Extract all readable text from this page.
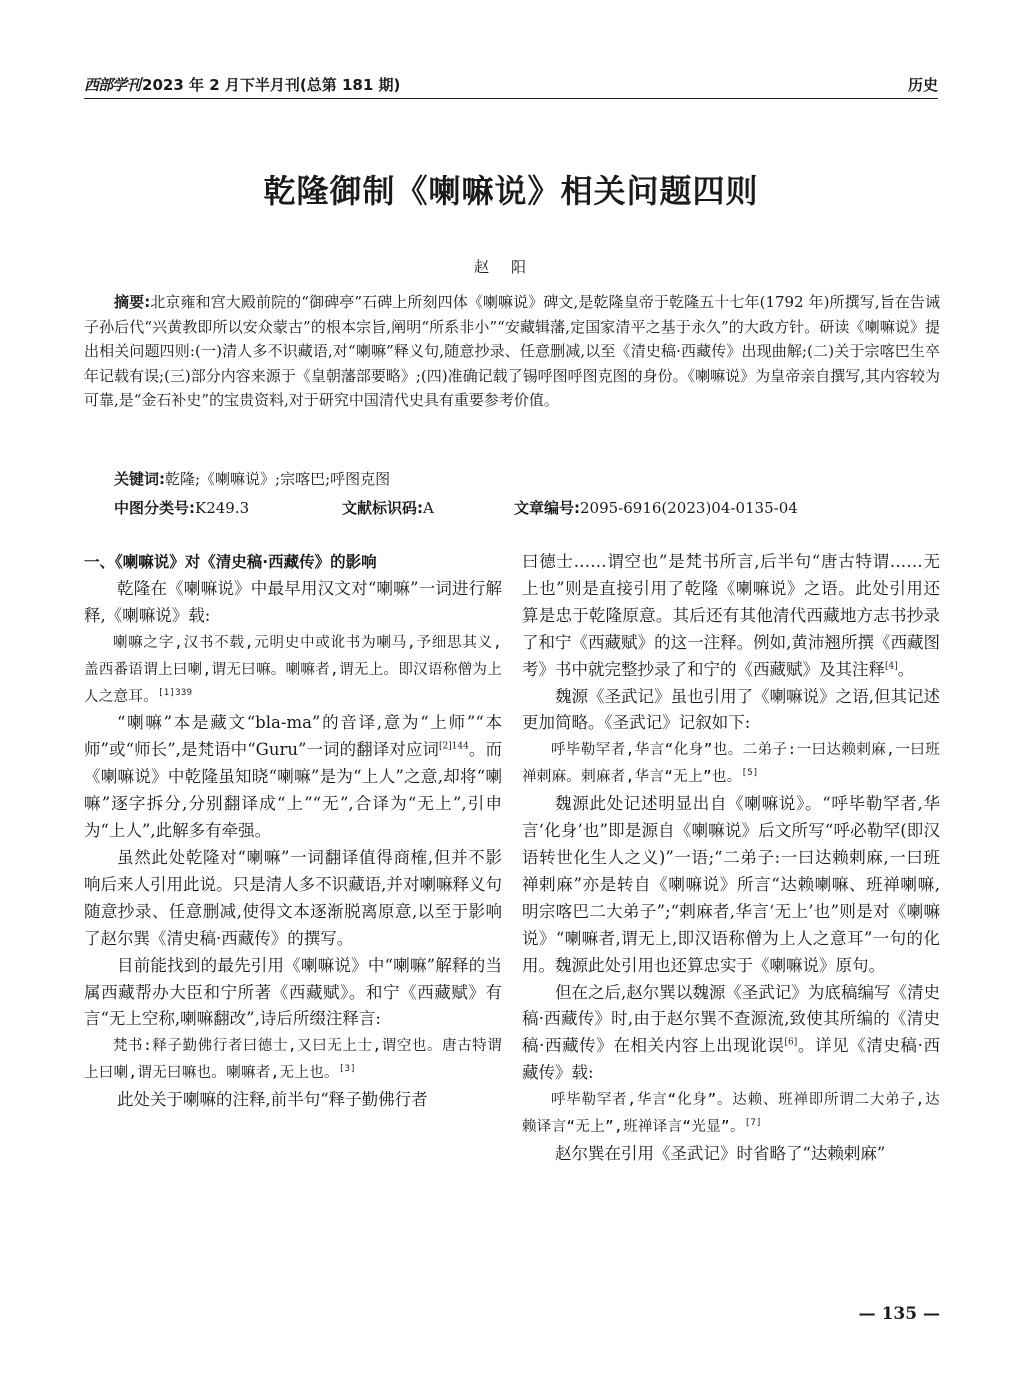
西部学刊 2023 年 2 月下半月刊(总第 181 期)	历史
乾隆御制《喇嘛说》相关问题四则
赵阳
摘要:北京雍和宫大殿前院的“御碑亭”石碑上所刻四体《喇嘛说》碑文,是乾隆皇帝于乾隆五十七年(1792 年)所撰写,旨在告诫子孙后代“兴黄教即所以安众蒙古”的根本宗旨,阐明“所系非小”“安藏辑藩,定国家清平之基于永久”的大政方针。研读《喇嘛说》提出相关问题四则:(一)清人多不识藏语,对“喇嘛”释义句,随意抄录、任意删减,以至《清史稿·西藏传》出现曲解;(二)关于宗喀巴生卒年记载有误;(三)部分内容来源于《皇朝藩部要略》;(四)准确记载了锡呼图呼图克图的身份。《喇嘛说》为皇帝亲自撰写,其内容较为可靠,是“金石补史”的宝贵资料,对于研究中国清代史具有重要参考价值。
关键词:乾隆;《喇嘛说》;宗喀巴;呼图克图
中图分类号:K249.3	文献标识码:A	文章编号:2095-6916(2023)04-0135-04

一、《喇嘛说》对《清史稿·西藏传》的影响

乾隆在《喇嘛说》中最早用汉文对“喇嘛”一词进行解释,《喇嘛说》载:

喇嘛之字,汉书不载,元明史中或讹书为喇马,予细思其义,盖西番语谓上曰喇,谓无曰嘛。喇嘛者,谓无上。即汉语称僧为上人之意耳。$^{[1]339}$

“喇嘛”本是藏文“bla-ma”的音译,意为“上师”“本师”或“师长”,是梵语中“Guru”一词的翻译对应词$^{[2]144}$。而《喇嘛说》中乾隆虽知晓“喇嘛”是为“上人”之意,却将“喇嘛”逐字拆分,分别翻译成“上”“无”,合译为“无上”,引申为“上人”,此解多有牵强。

虽然此处乾隆对“喇嘛”一词翻译值得商榷,但并不影响后来人引用此说。只是清人多不识藏语,并对喇嘛释义句随意抄录、任意删减,使得文本逐渐脱离原意,以至于影响了赵尔巽《清史稿·西藏传》的撰写。

目前能找到的最先引用《喇嘛说》中“喇嘛”解释的当属西藏帮办大臣和宁所著《西藏赋》。和宁《西藏赋》有言“无上空称,喇嘛翻改”,诗后所缀注释言:

梵书:释子勤佛行者曰德士,又曰无上士,谓空也。唐古特谓上曰喇,谓无曰嘛也。喇嘛者,无上也。[3]

此处关于喇嘛的注释,前半句“释子勤佛行者

曰德士……谓空也”是梵书所言,后半句“唐古特谓……无上也”则是直接引用了乾隆《喇嘛说》之语。此处引用还算是忠于乾隆原意。其后还有其他清代西藏地方志书抄录了和宁《西藏赋》的这一注释。例如,黄沛翘所撰《西藏图考》书中就完整抄录了和宁的《西藏赋》及其注释[4]。

魏源《圣武记》虽也引用了《喇嘛说》之语,但其记述更加简略。《圣武记》记叙如下:

呼毕勒罕者,华言“化身”也。二弟子:一曰达赖剌麻,一曰班禅剌麻。剌麻者,华言“无上”也。[5]

魏源此处记述明显出自《喇嘛说》。“呼毕勒罕者,华言‘化身’也”即是源自《喇嘛说》后文所写“呼必勒罕(即汉语转世化生人之义)”一语;“二弟子:一曰达赖剌麻,一曰班禅剌麻”亦是转自《喇嘛说》所言“达赖喇嘛、班禅喇嘛,明宗喀巴二大弟子”;“剌麻者,华言‘无上’也”则是对《喇嘛说》“喇嘛者,谓无上,即汉语称僧为上人之意耳”一句的化用。魏源此处引用也还算忠实于《喇嘛说》原句。

但在之后,赵尔巽以魏源《圣武记》为底稿编写《清史稿·西藏传》时,由于赵尔巽不查源流,致使其所编的《清史稿·西藏传》在相关内容上出现讹误[6]。详见《清史稿·西藏传》载:

呼毕勒罕者,华言“化身”。达赖、班禅即所谓二大弟子,达赖译言“无上”,班禅译言“光显”。[7]

赵尔巽在引用《圣武记》时省略了“达赖剌麻”

— 135 —
